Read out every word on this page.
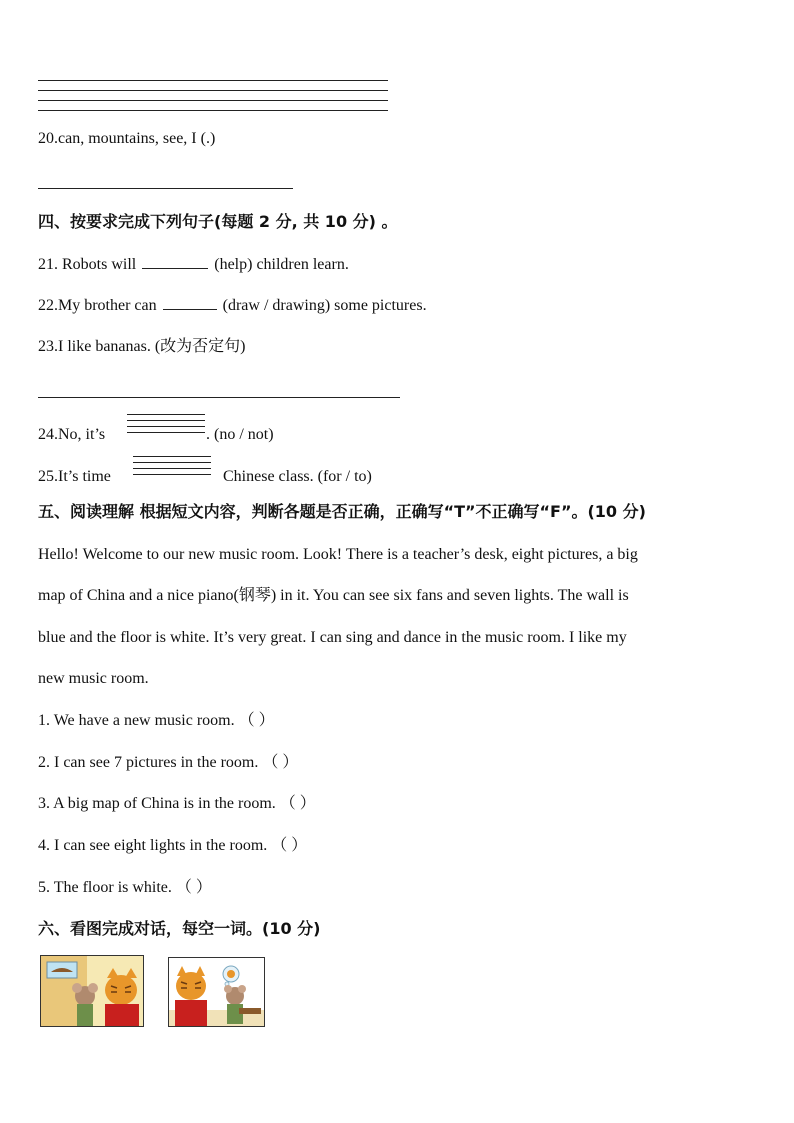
20.can, mountains, see, I (.)
四、按要求完成下列句子(每题 2 分, 共 10 分) 。
21. Robots will	(help) children learn.
22.My brother can	(draw / drawing) some pictures.
23.I like bananas. (改为否定句)
24.No, it’s	. (no / not)
25.It’s time	Chinese class. (for / to)
五、阅读理解 根据短文内容，判断各题是否正确，正确写“T”不正确写“F”。(10 分)
Hello! Welcome to our new music room. Look! There is a teacher’s desk, eight pictures, a big
map of China and a nice piano(钢琴) in it. You can see six fans and seven lights. The wall is
blue and the floor is white. It’s very great. I can sing and dance in the music room. I like my
new music room.
1. We have a new music room. （ ）
2. I can see 7 pictures in the room. （ ）
3. A big map of China is in the room. （ ）
4. I can see eight lights in the room. （ ）
5. The floor is white. （ ）
六、看图完成对话，每空一词。(10 分)
